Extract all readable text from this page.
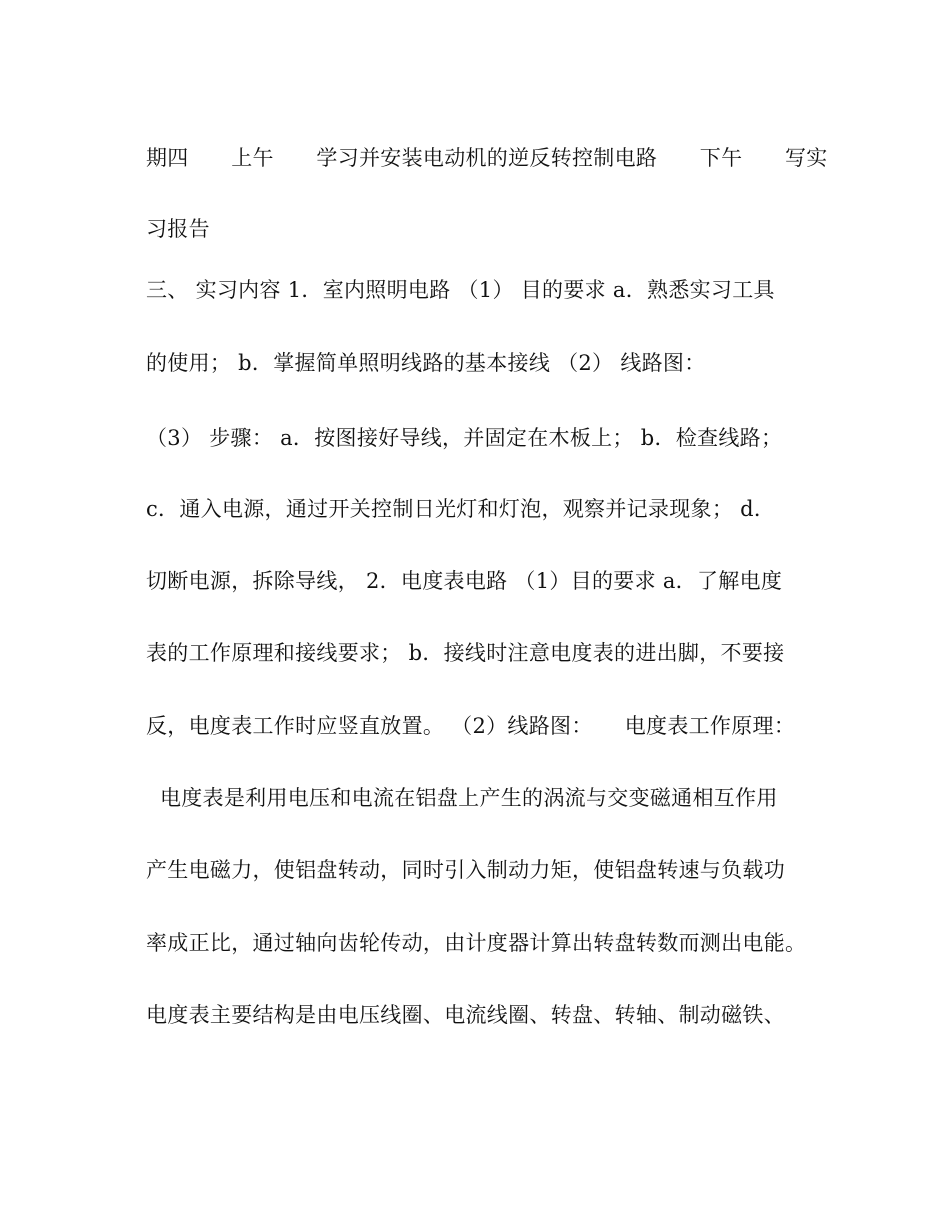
期四　　上午　　学习并安装电动机的逆反转控制电路　　下午　　写实
习报告
三、 实习内容 1．室内照明电路 （1） 目的要求 a．熟悉实习工具
的使用； b．掌握简单照明线路的基本接线 （2） 线路图：
（3） 步骤： a．按图接好导线，并固定在木板上； b．检查线路；
c．通入电源，通过开关控制日光灯和灯泡，观察并记录现象； d．
切断电源，拆除导线， 2．电度表电路 （1）目的要求 a．了解电度
表的工作原理和接线要求； b．接线时注意电度表的进出脚，不要接
反，电度表工作时应竖直放置。 （2）线路图：　　电度表工作原理：
电度表是利用电压和电流在铝盘上产生的涡流与交变磁通相互作用
产生电磁力，使铝盘转动，同时引入制动力矩，使铝盘转速与负载功
率成正比，通过轴向齿轮传动，由计度器计算出转盘转数而测出电能。
电度表主要结构是由电压线圈、电流线圈、转盘、转轴、制动磁铁、
